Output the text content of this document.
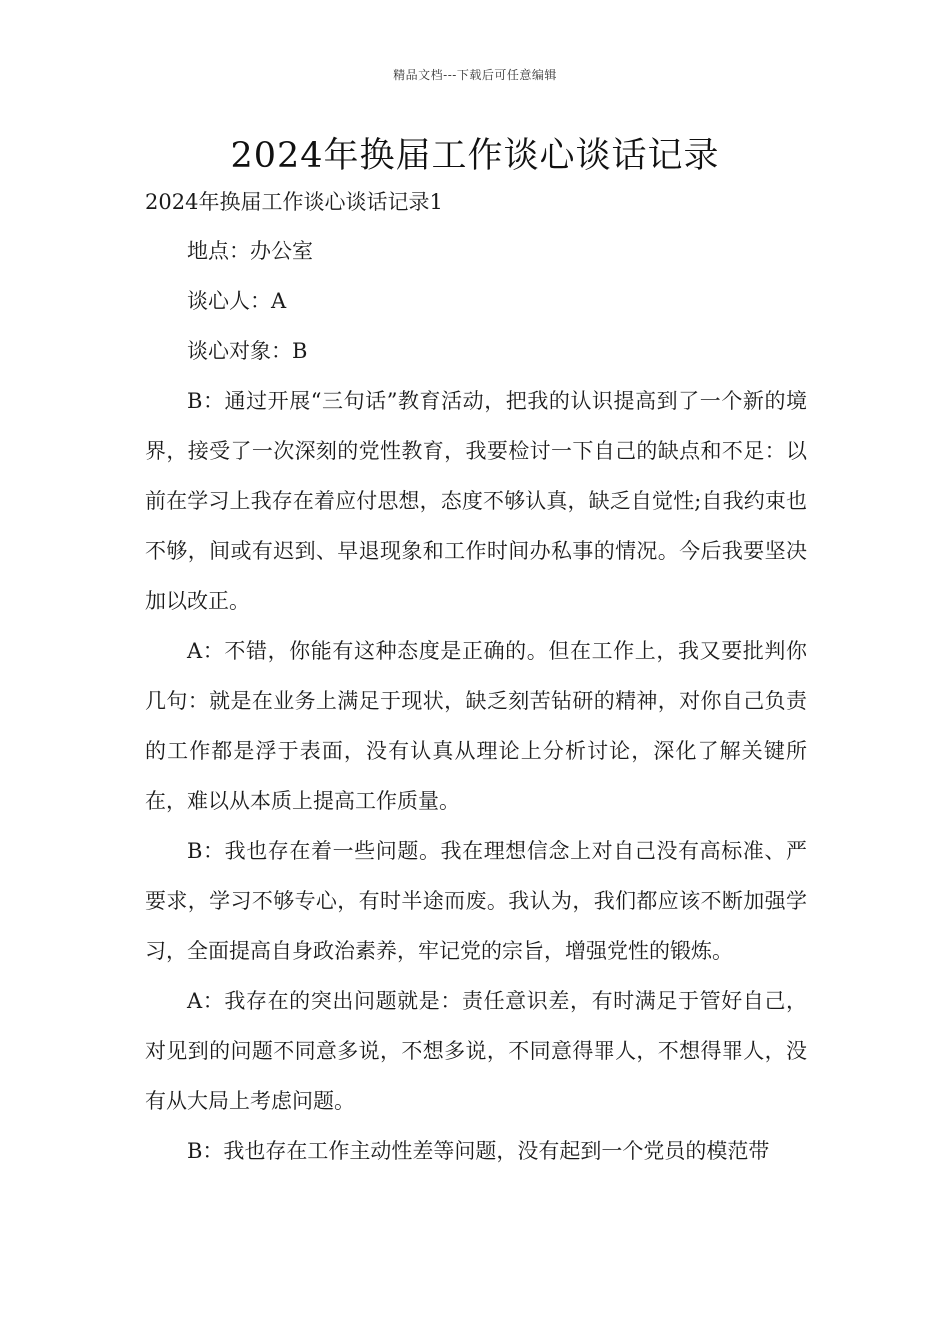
精品文档---下载后可任意编辑
2024年换届工作谈心谈话记录
2024年换届工作谈心谈话记录1

地点：办公室

谈心人：A

谈心对象：B

B：通过开展“三句话”教育活动，把我的认识提高到了一个新的境界，接受了一次深刻的党性教育，我要检讨一下自己的缺点和不足：以前在学习上我存在着应付思想，态度不够认真，缺乏自觉性;自我约束也不够，间或有迟到、早退现象和工作时间办私事的情况。今后我要坚决加以改正。

A：不错，你能有这种态度是正确的。但在工作上，我又要批判你几句：就是在业务上满足于现状，缺乏刻苦钻研的精神，对你自己负责的工作都是浮于表面，没有认真从理论上分析讨论，深化了解关键所在，难以从本质上提高工作质量。

B：我也存在着一些问题。我在理想信念上对自己没有高标准、严要求，学习不够专心，有时半途而废。我认为，我们都应该不断加强学习，全面提高自身政治素养，牢记党的宗旨，增强党性的锻炼。

A：我存在的突出问题就是：责任意识差，有时满足于管好自己，对见到的问题不同意多说，不想多说，不同意得罪人，不想得罪人，没有从大局上考虑问题。

B：我也存在工作主动性差等问题，没有起到一个党员的模范带
